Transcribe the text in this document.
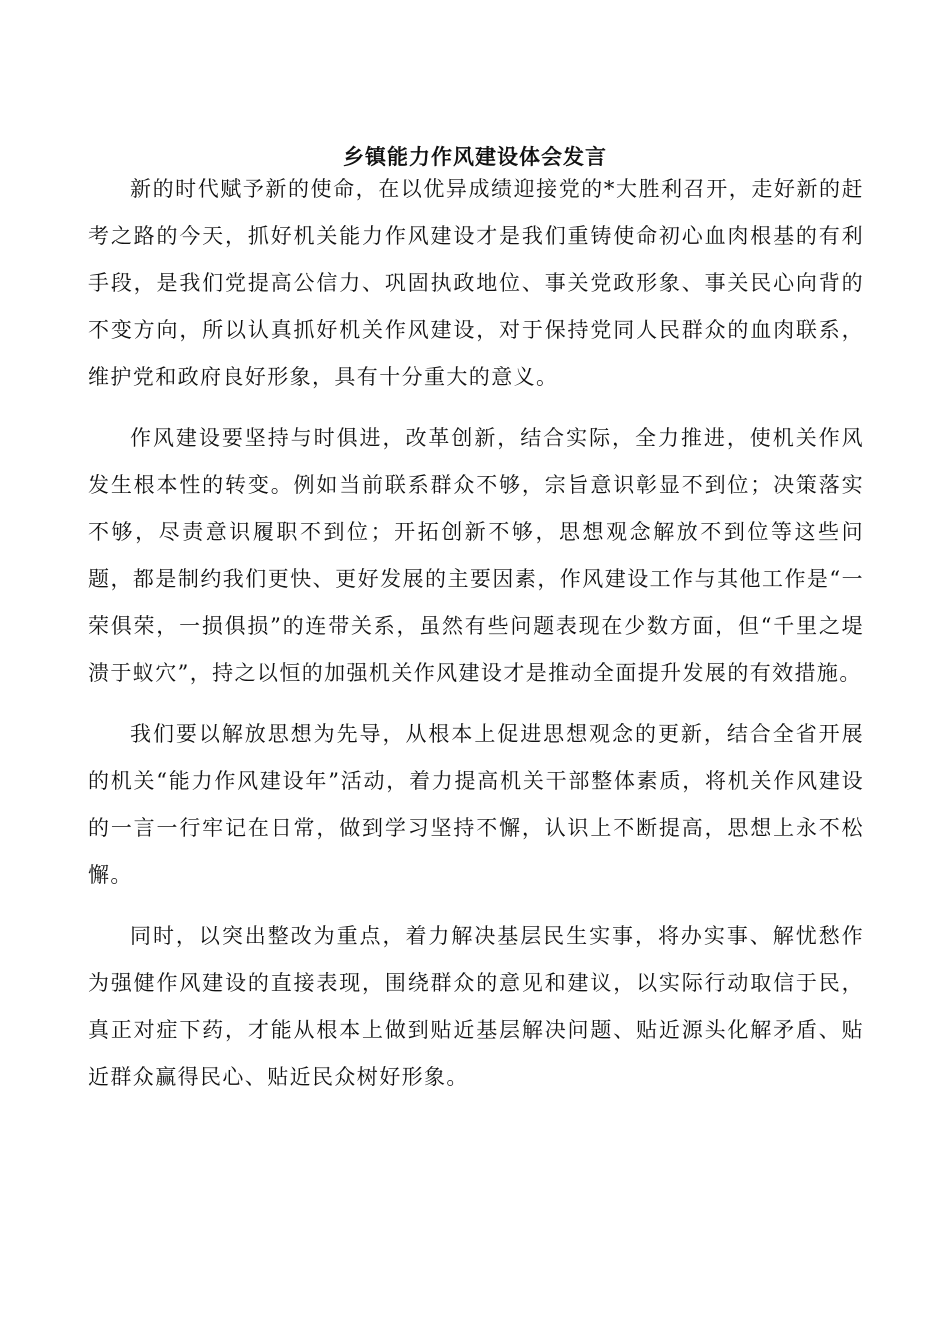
乡镇能力作风建设体会发言

新的时代赋予新的使命，在以优异成绩迎接党的*大胜利召开，走好新的赶考之路的今天，抓好机关能力作风建设才是我们重铸使命初心血肉根基的有利手段，是我们党提高公信力、巩固执政地位、事关党政形象、事关民心向背的不变方向，所以认真抓好机关作风建设，对于保持党同人民群众的血肉联系，维护党和政府良好形象，具有十分重大的意义。

作风建设要坚持与时俱进，改革创新，结合实际，全力推进，使机关作风发生根本性的转变。例如当前联系群众不够，宗旨意识彰显不到位；决策落实不够，尽责意识履职不到位；开拓创新不够，思想观念解放不到位等这些问题，都是制约我们更快、更好发展的主要因素，作风建设工作与其他工作是“一荣俱荣，一损俱损”的连带关系，虽然有些问题表现在少数方面，但“千里之堤溃于蚁穴”，持之以恒的加强机关作风建设才是推动全面提升发展的有效措施。

我们要以解放思想为先导，从根本上促进思想观念的更新，结合全省开展的机关“能力作风建设年”活动，着力提高机关干部整体素质，将机关作风建设的一言一行牢记在日常，做到学习坚持不懈，认识上不断提高，思想上永不松懈。

同时，以突出整改为重点，着力解决基层民生实事，将办实事、解忧愁作为强健作风建设的直接表现，围绕群众的意见和建议，以实际行动取信于民，真正对症下药，才能从根本上做到贴近基层解决问题、贴近源头化解矛盾、贴近群众赢得民心、贴近民众树好形象。
